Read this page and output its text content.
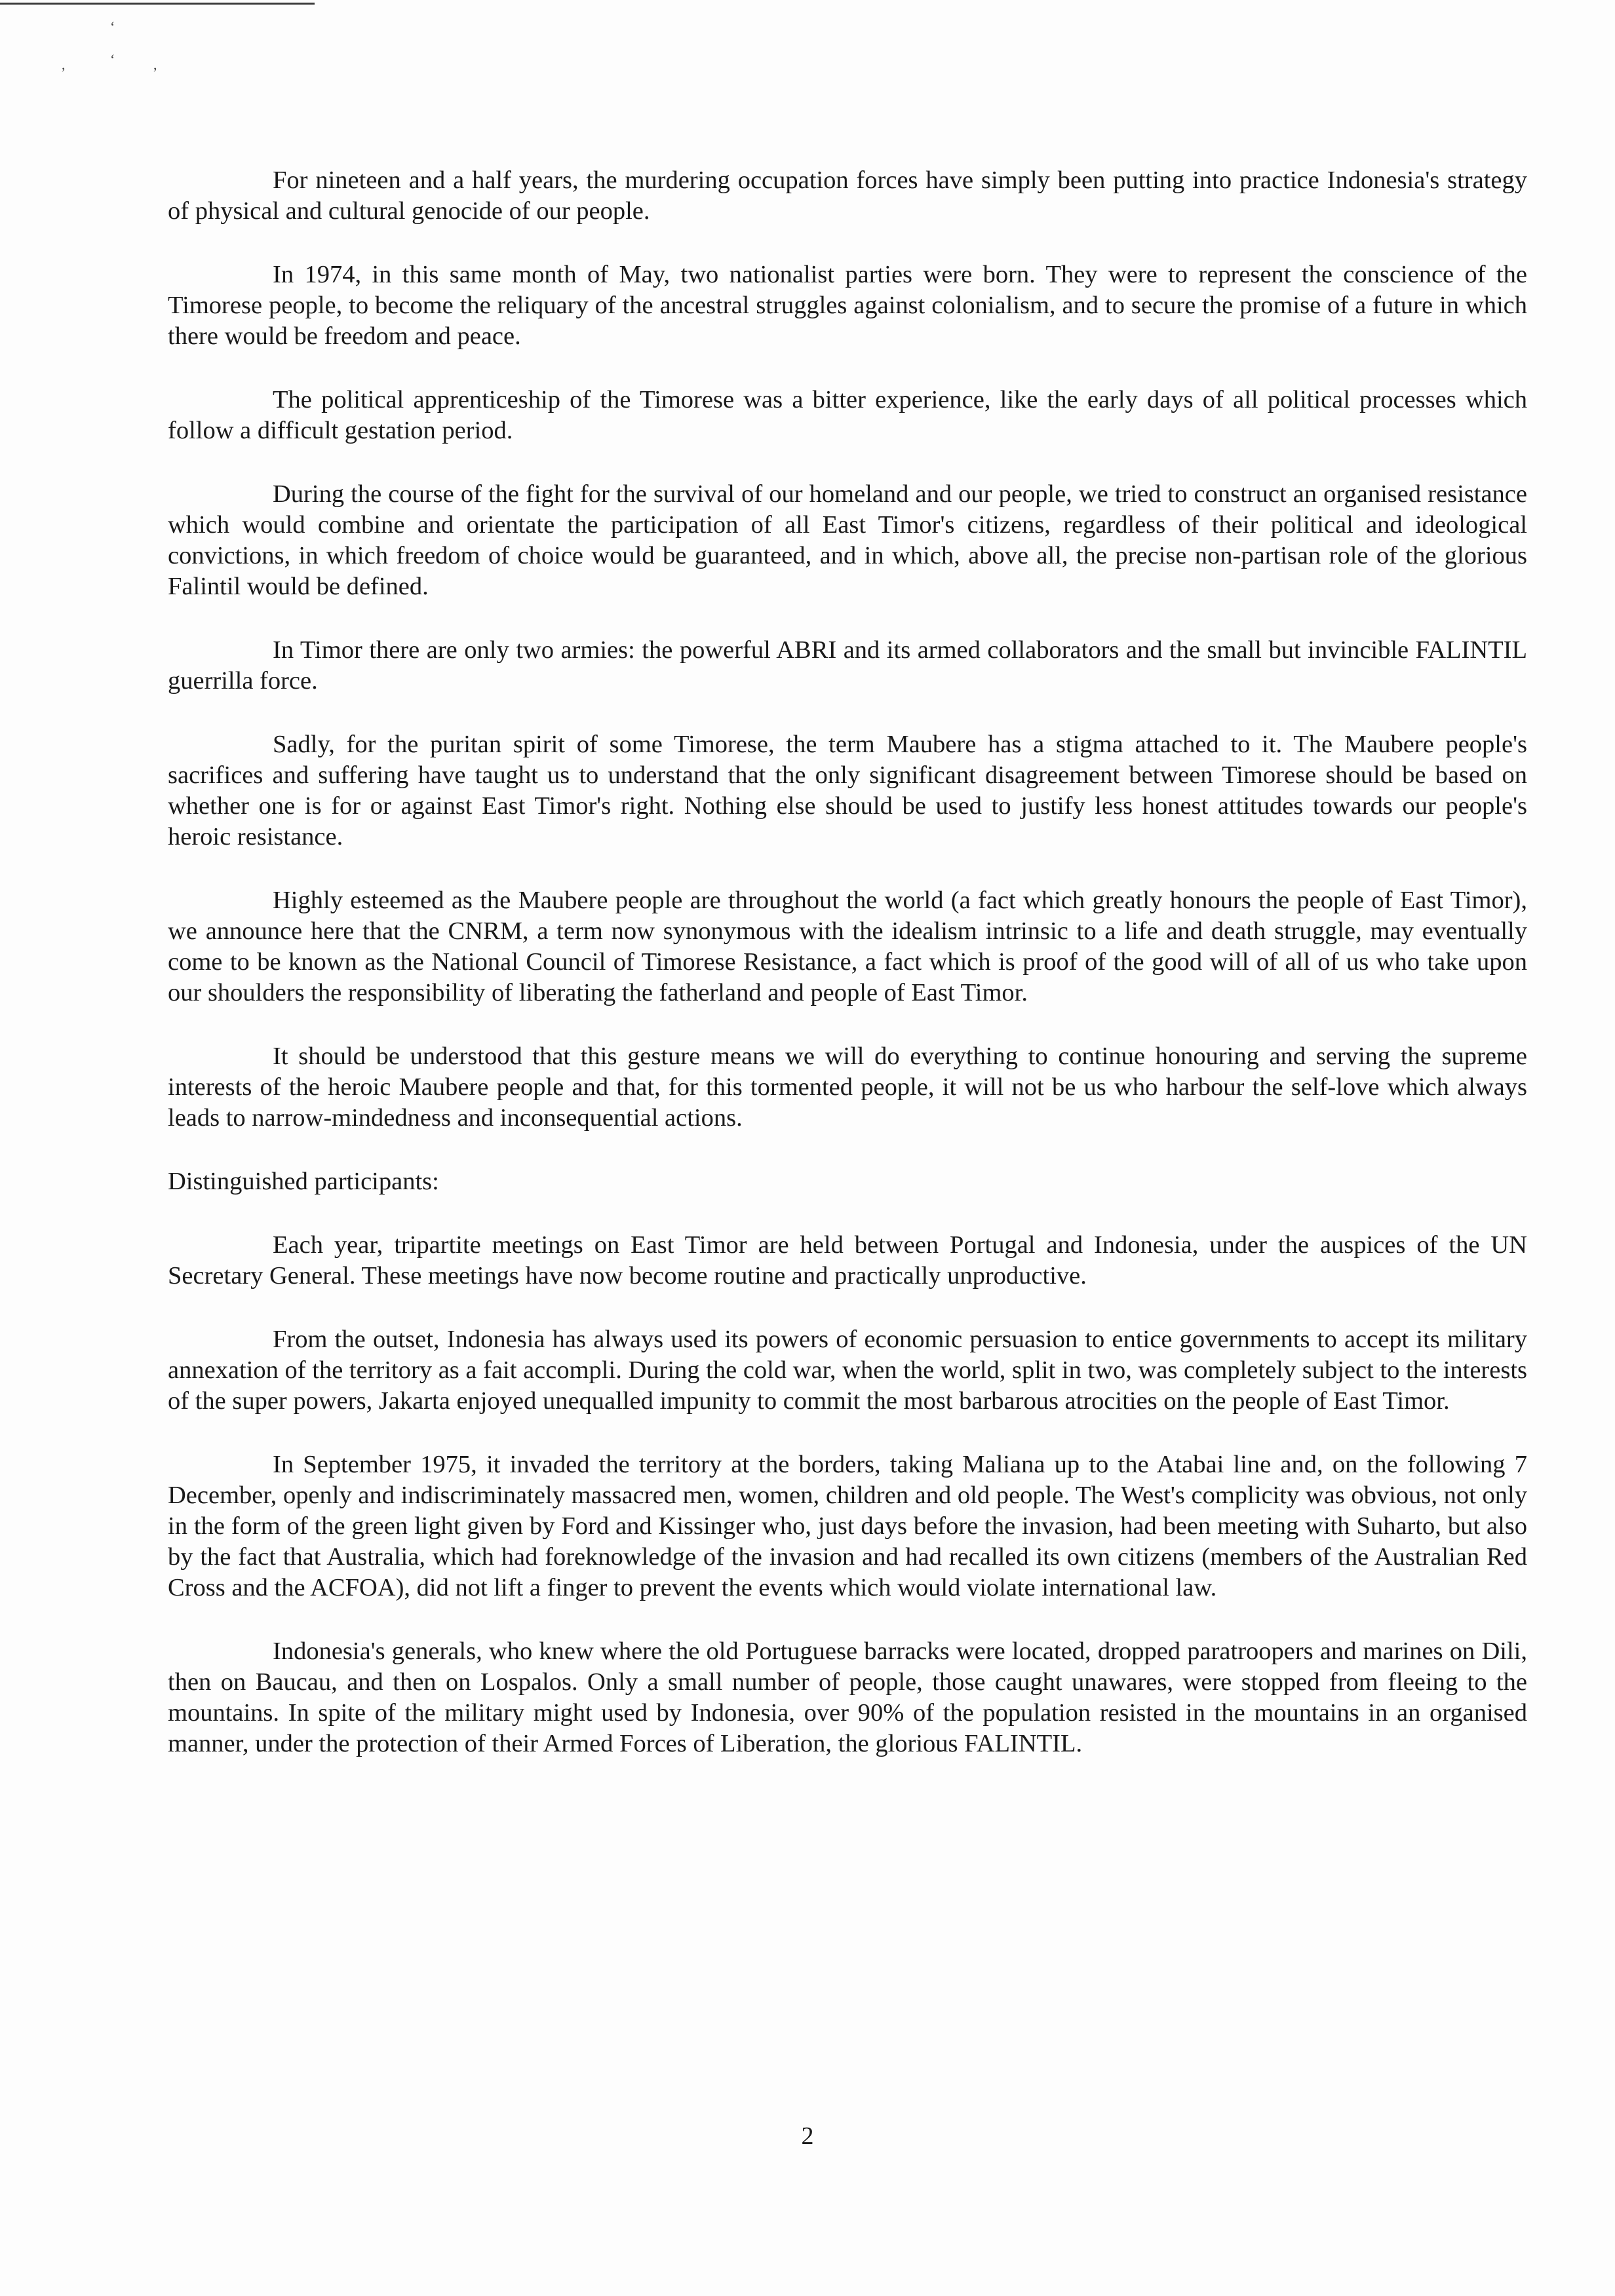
‘
,	‘	,

For nineteen and a half years, the murdering occupation forces have simply been putting into practice Indonesia's strategy of physical and cultural genocide of our people.

In 1974, in this same month of May, two nationalist parties were born. They were to represent the conscience of the Timorese people, to become the reliquary of the ancestral struggles against colonialism, and to secure the promise of a future in which there would be freedom and peace.

The political apprenticeship of the Timorese was a bitter experience, like the early days of all political processes which follow a difficult gestation period.

During the course of the fight for the survival of our homeland and our people, we tried to construct an organised resistance which would combine and orientate the participation of all East Timor's citizens, regardless of their political and ideological convictions, in which freedom of choice would be guaranteed, and in which, above all, the precise non-partisan role of the glorious Falintil would be defined.

In Timor there are only two armies: the powerful ABRI and its armed collaborators and the small but invincible FALINTIL guerrilla force.

Sadly, for the puritan spirit of some Timorese, the term Maubere has a stigma attached to it. The Maubere people's sacrifices and suffering have taught us to understand that the only significant disagreement between Timorese should be based on whether one is for or against East Timor's right. Nothing else should be used to justify less honest attitudes towards our people's heroic resistance.

Highly esteemed as the Maubere people are throughout the world (a fact which greatly honours the people of East Timor), we announce here that the CNRM, a term now synonymous with the idealism intrinsic to a life and death struggle, may eventually come to be known as the National Council of Timorese Resistance, a fact which is proof of the good will of all of us who take upon our shoulders the responsibility of liberating the fatherland and people of East Timor.

It should be understood that this gesture means we will do everything to continue honouring and serving the supreme interests of the heroic Maubere people and that, for this tormented people, it will not be us who harbour the self-love which always leads to narrow-mindedness and inconsequential actions.

Distinguished participants:

Each year, tripartite meetings on East Timor are held between Portugal and Indonesia, under the auspices of the UN Secretary General. These meetings have now become routine and practically unproductive.

From the outset, Indonesia has always used its powers of economic persuasion to entice governments to accept its military annexation of the territory as a fait accompli. During the cold war, when the world, split in two, was completely subject to the interests of the super powers, Jakarta enjoyed unequalled impunity to commit the most barbarous atrocities on the people of East Timor.

In September 1975, it invaded the territory at the borders, taking Maliana up to the Atabai line and, on the following 7 December, openly and indiscriminately massacred men, women, children and old people. The West's complicity was obvious, not only in the form of the green light given by Ford and Kissinger who, just days before the invasion, had been meeting with Suharto, but also by the fact that Australia, which had foreknowledge of the invasion and had recalled its own citizens (members of the Australian Red Cross and the ACFOA), did not lift a finger to prevent the events which would violate international law.

Indonesia's generals, who knew where the old Portuguese barracks were located, dropped paratroopers and marines on Dili, then on Baucau, and then on Lospalos. Only a small number of people, those caught unawares, were stopped from fleeing to the mountains. In spite of the military might used by Indonesia, over 90% of the population resisted in the mountains in an organised manner, under the protection of their Armed Forces of Liberation, the glorious FALINTIL.

2
